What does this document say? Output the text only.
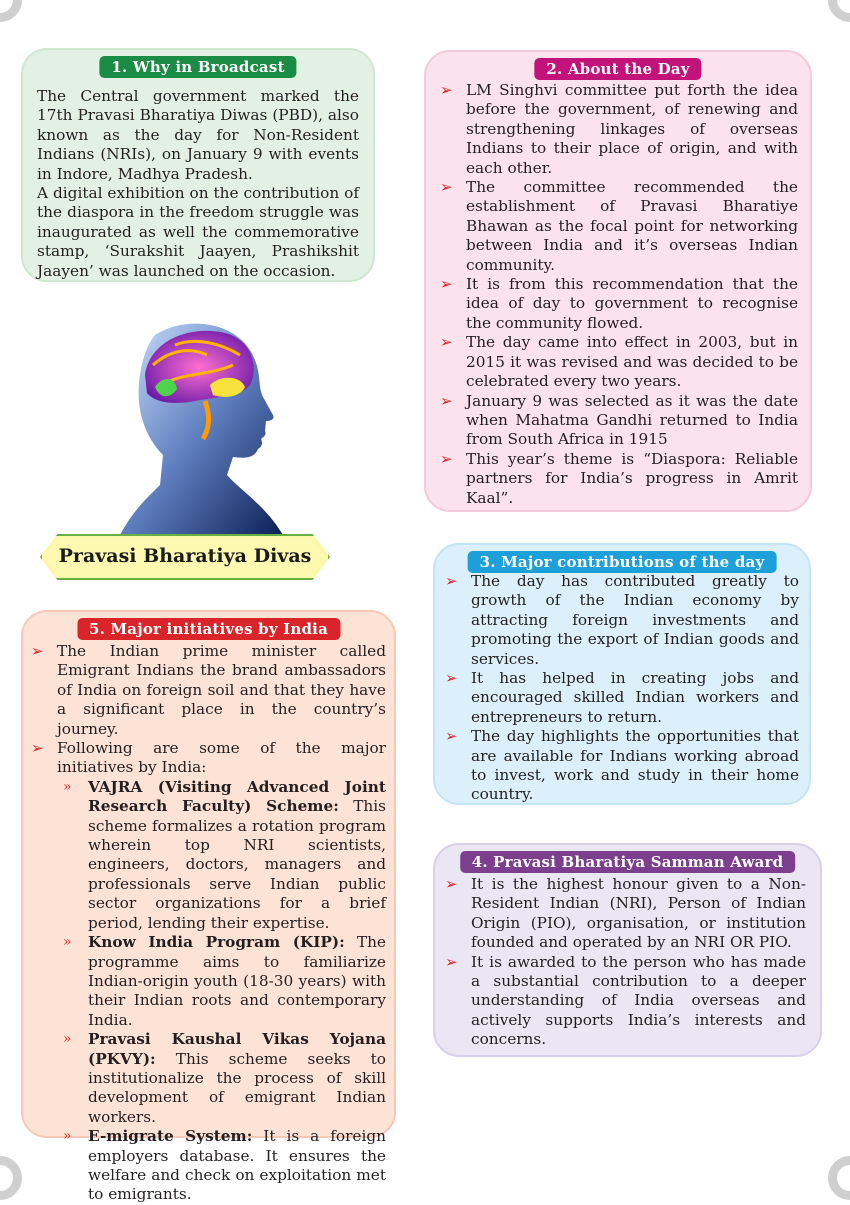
1. Why in Broadcast

The Central government marked the 17th Pravasi Bharatiya Diwas (PBD), also known as the day for Non-Resident Indians (NRIs), on January 9 with events in Indore, Madhya Pradesh.

A digital exhibition on the contribution of the diaspora in the freedom struggle was inaugurated as well the commemorative stamp, ‘Surakshit Jaayen, Prashikshit Jaayen’ was launched on the occasion.

2. About the Day
➢ LM Singhvi committee put forth the idea before the government, of renewing and strengthening linkages of overseas Indians to their place of origin, and with each other.
➢ The committee recommended the establishment of Pravasi Bharatiye Bhawan as the focal point for networking between India and it’s overseas Indian community.
➢ It is from this recommendation that the idea of day to government to recognise the community flowed.
➢ The day came into effect in 2003, but in 2015 it was revised and was decided to be celebrated every two years.
➢ January 9 was selected as it was the date when Mahatma Gandhi returned to India from South Africa in 1915
➢ This year’s theme is “Diaspora: Reliable partners for India’s progress in Amrit Kaal”.
Pravasi Bharatiya Divas	3. Major contributions of the day
➢ The day has contributed greatly to growth of the Indian economy by attracting foreign investments and promoting the export of Indian goods and services.
➢ It has helped in creating jobs and encouraged skilled Indian workers and entrepreneurs to return.
➢ The day highlights the opportunities that are available for Indians working abroad to invest, work and study in their home country.
4. Pravasi Bharatiya Samman Award
➢ It is the highest honour given to a Non-Resident Indian (NRI), Person of Indian Origin (PIO), organisation, or institution founded and operated by an NRI OR PIO.
➢ It is awarded to the person who has made a substantial contribution to a deeper understanding of India overseas and actively supports India’s interests and concerns.
5. Major initiatives by India
➢ The Indian prime minister called Emigrant Indians the brand ambassadors of India on foreign soil and that they have a significant place in the country’s journey.
➢ Following are some of the major initiatives by India:
» VAJRA (Visiting Advanced Joint Research Faculty) Scheme: This scheme formalizes a rotation program wherein top NRI scientists, engineers, doctors, managers and professionals serve Indian public sector organizations for a brief period, lending their expertise.
» Know India Program (KIP): The programme aims to familiarize Indian-origin youth (18-30 years) with their Indian roots and contemporary India.
» Pravasi Kaushal Vikas Yojana (PKVY): This scheme seeks to institutionalize the process of skill development of emigrant Indian workers.
» E-migrate System: It is a foreign employers database. It ensures the welfare and check on exploitation met to emigrants.
